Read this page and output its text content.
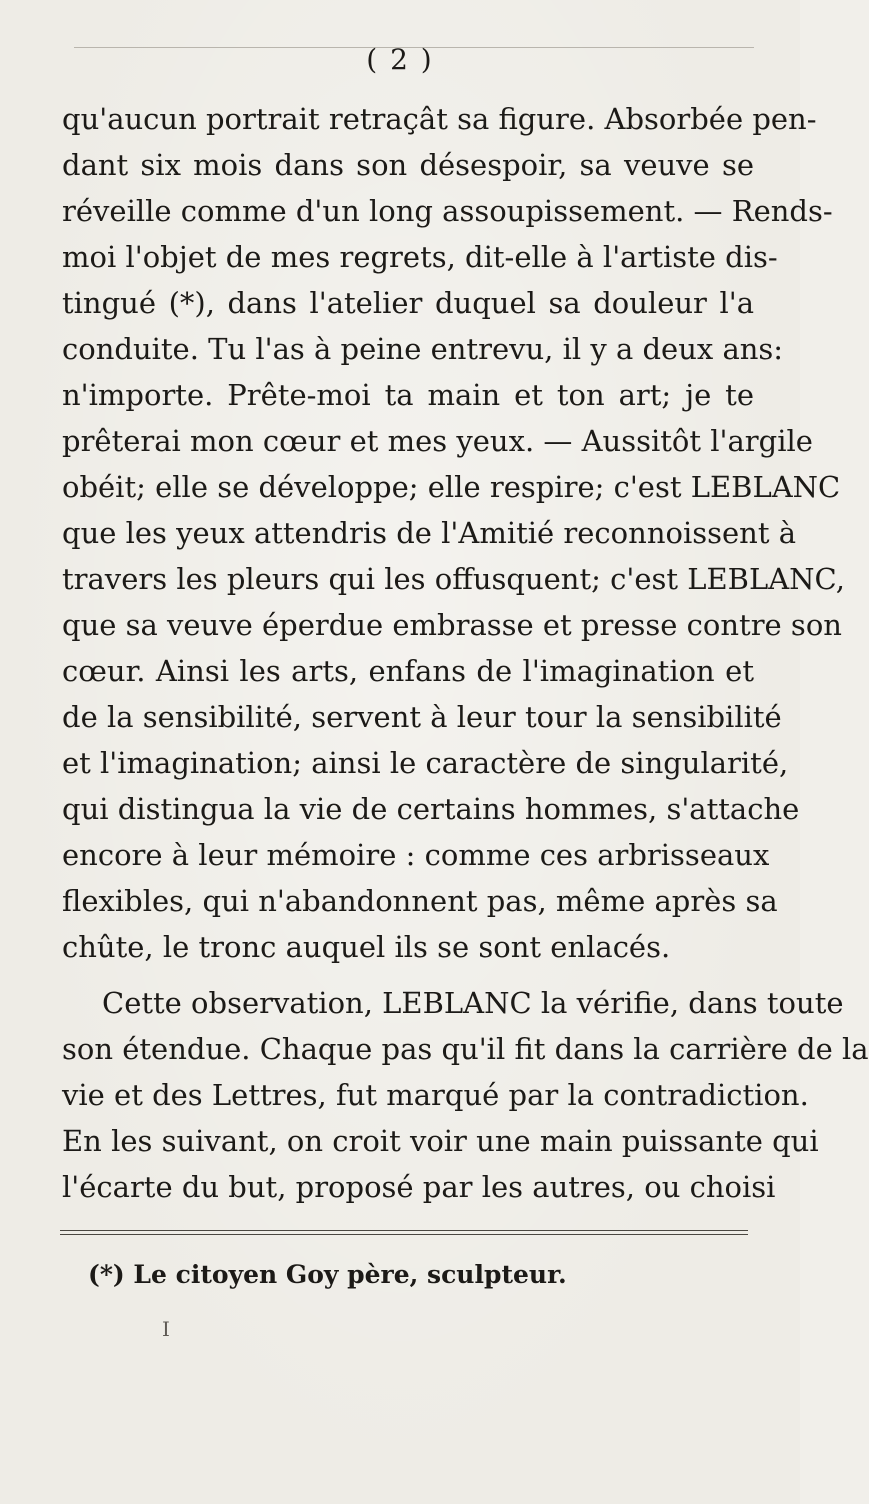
( 2 )
qu'aucun portrait retraçât sa figure. Absorbée pen-
dant six mois dans son désespoir, sa veuve se
réveille comme d'un long assoupissement. — Rends-
moi l'objet de mes regrets, dit-elle à l'artiste dis-
tingué (*), dans l'atelier duquel sa douleur l'a
conduite. Tu l'as à peine entrevu, il y a deux ans:
n'importe. Prête-moi ta main et ton art; je te
prêterai mon cœur et mes yeux. — Aussitôt l'argile
obéit; elle se développe; elle respire; c'est LEBLANC
que les yeux attendris de l'Amitié reconnoissent à
travers les pleurs qui les offusquent; c'est LEBLANC,
que sa veuve éperdue embrasse et presse contre son
cœur. Ainsi les arts, enfans de l'imagination et
de la sensibilité, servent à leur tour la sensibilité
et l'imagination; ainsi le caractère de singularité,
qui distingua la vie de certains hommes, s'attache
encore à leur mémoire : comme ces arbrisseaux
flexibles, qui n'abandonnent pas, même après sa
chûte, le tronc auquel ils se sont enlacés.
Cette observation, LEBLANC la vérifie, dans toute
son étendue. Chaque pas qu'il fit dans la carrière de la
vie et des Lettres, fut marqué par la contradiction.
En les suivant, on croit voir une main puissante qui
l'écarte du but, proposé par les autres, ou choisi
(*) Le citoyen Goy père, sculpteur.
I
